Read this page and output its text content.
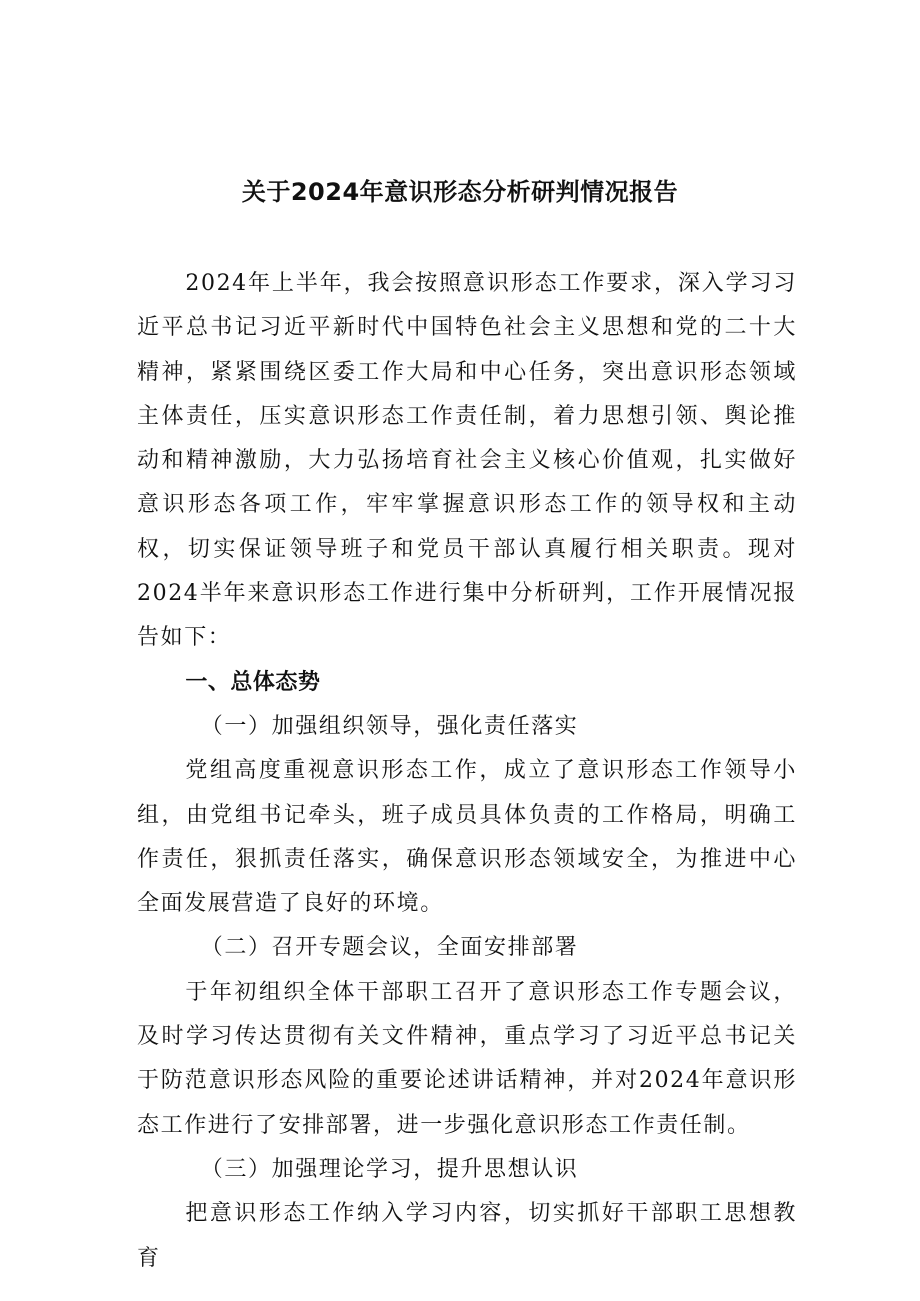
关于2024年意识形态分析研判情况报告

2024年上半年，我会按照意识形态工作要求，深入学习习近平总书记习近平新时代中国特色社会主义思想和党的二十大精神，紧紧围绕区委工作大局和中心任务，突出意识形态领域主体责任，压实意识形态工作责任制，着力思想引领、舆论推动和精神激励，大力弘扬培育社会主义核心价值观，扎实做好意识形态各项工作，牢牢掌握意识形态工作的领导权和主动权，切实保证领导班子和党员干部认真履行相关职责。现对2024半年来意识形态工作进行集中分析研判，工作开展情况报告如下：

一、总体态势

（一）加强组织领导，强化责任落实

党组高度重视意识形态工作，成立了意识形态工作领导小组，由党组书记牵头，班子成员具体负责的工作格局，明确工作责任，狠抓责任落实，确保意识形态领域安全，为推进中心全面发展营造了良好的环境。

（二）召开专题会议，全面安排部署

于年初组织全体干部职工召开了意识形态工作专题会议，及时学习传达贯彻有关文件精神，重点学习了习近平总书记关于防范意识形态风险的重要论述讲话精神，并对2024年意识形态工作进行了安排部署，进一步强化意识形态工作责任制。

（三）加强理论学习，提升思想认识

把意识形态工作纳入学习内容，切实抓好干部职工思想教育
